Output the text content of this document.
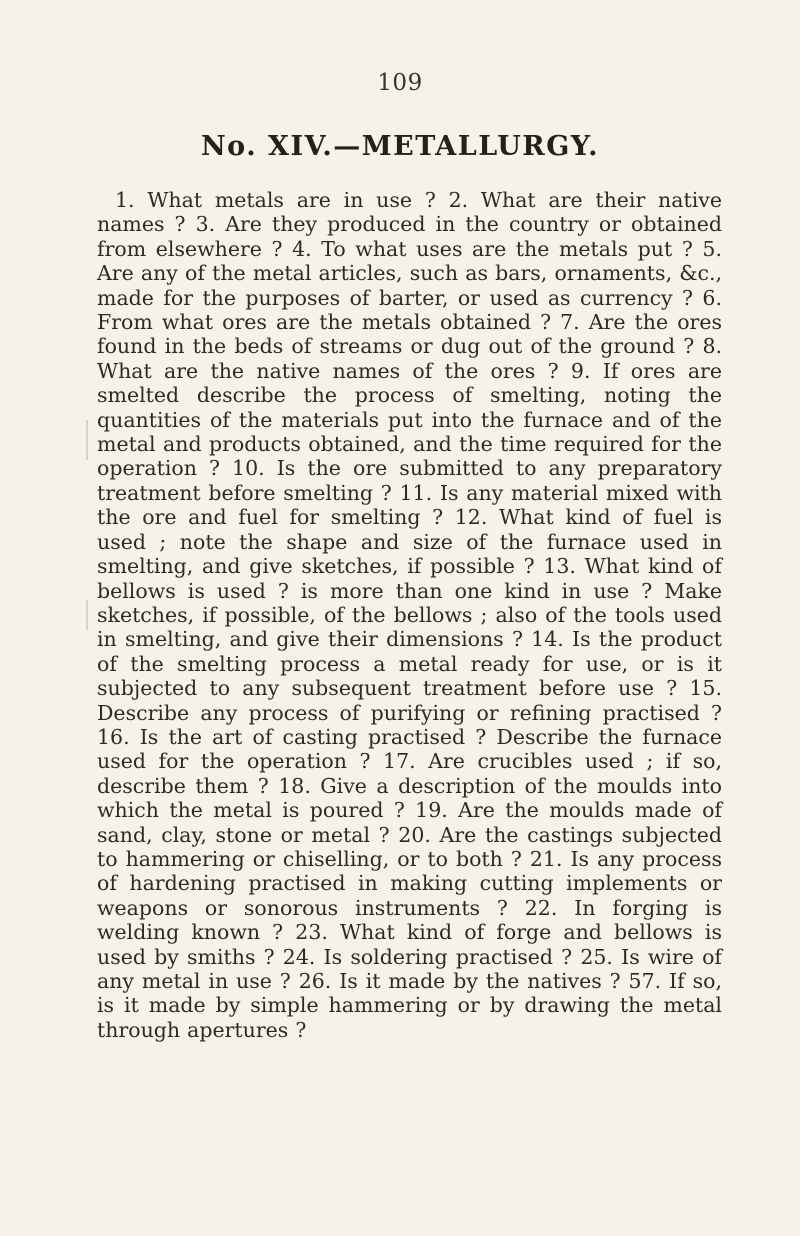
109
No. XIV.—METALLURGY.

1. What metals are in use ? 2. What are their native names ? 3. Are they produced in the country or obtained from elsewhere ? 4. To what uses are the metals put ? 5. Are any of the metal articles, such as bars, ornaments, &c., made for the purposes of barter, or used as currency ? 6. From what ores are the metals obtained ? 7. Are the ores found in the beds of streams or dug out of the ground ? 8. What are the native names of the ores ? 9. If ores are smelted describe the process of smelting, noting the quantities of the materials put into the furnace and of the metal and products obtained, and the time required for the operation ? 10. Is the ore submitted to any preparatory treatment before smelting ? 11. Is any material mixed with the ore and fuel for smelting ? 12. What kind of fuel is used ; note the shape and size of the furnace used in smelting, and give sketches, if possible ? 13. What kind of bellows is used ? is more than one kind in use ? Make sketches, if possible, of the bellows ; also of the tools used in smelting, and give their dimensions ? 14. Is the product of the smelting process a metal ready for use, or is it subjected to any subsequent treatment before use ? 15. Describe any process of purifying or refining practised ? 16. Is the art of casting practised ? Describe the furnace used for the operation ? 17. Are crucibles used ; if so, describe them ? 18. Give a description of the moulds into which the metal is poured ? 19. Are the moulds made of sand, clay, stone or metal ? 20. Are the castings subjected to hammering or chiselling, or to both ? 21. Is any process of hardening practised in making cutting implements or weapons or sonorous instruments ? 22. In forging is welding known ? 23. What kind of forge and bellows is used by smiths ? 24. Is soldering practised ? 25. Is wire of any metal in use ? 26. Is it made by the natives ? 57. If so, is it made by simple hammering or by drawing the metal through apertures ?
